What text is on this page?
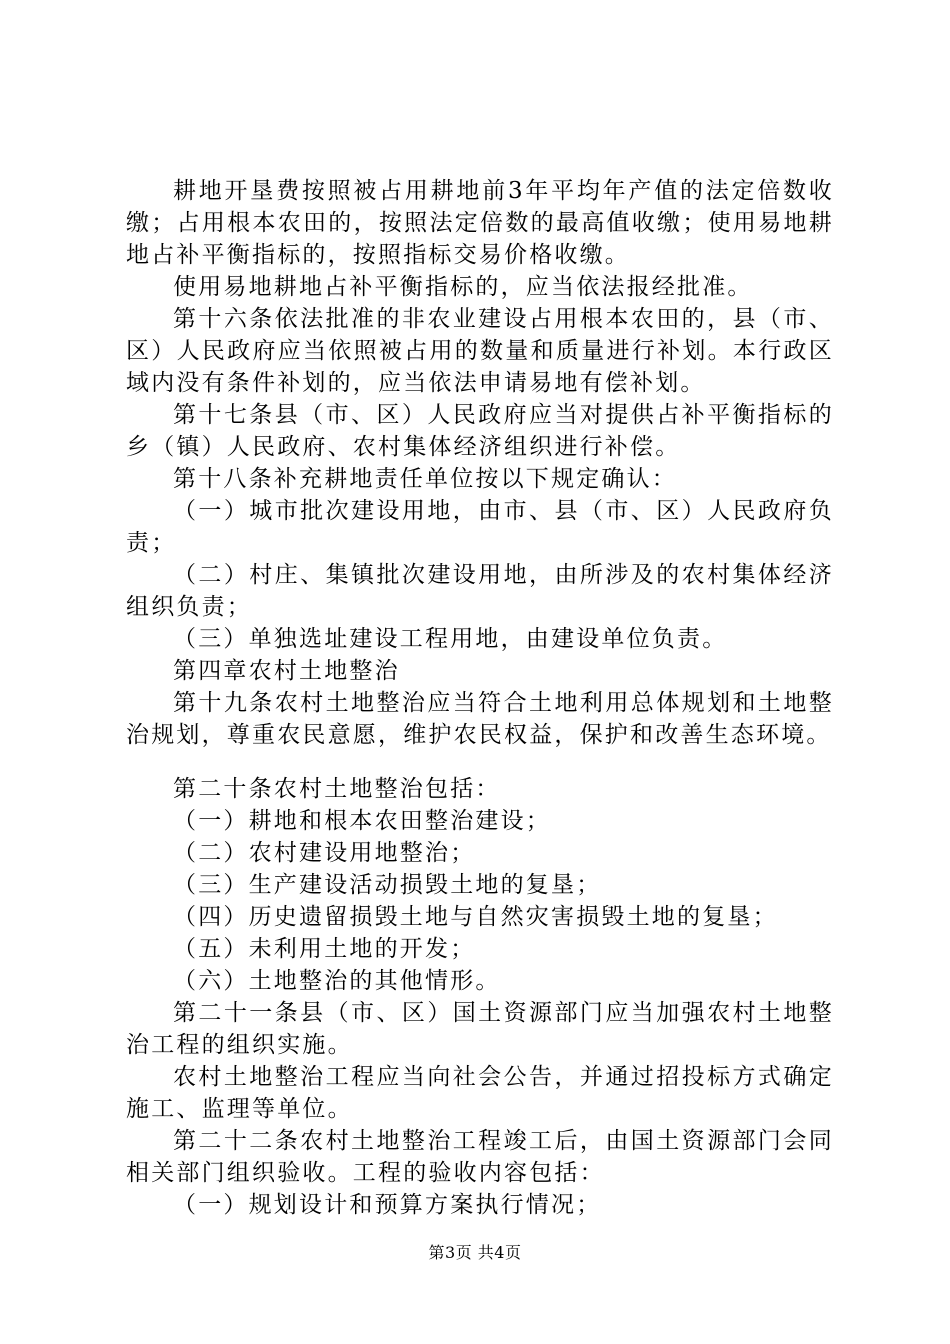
耕地开垦费按照被占用耕地前3年平均年产值的法定倍数收缴；占用根本农田的，按照法定倍数的最高值收缴；使用易地耕地占补平衡指标的，按照指标交易价格收缴。

使用易地耕地占补平衡指标的，应当依法报经批准。

第十六条依法批准的非农业建设占用根本农田的，县（市、区）人民政府应当依照被占用的数量和质量进行补划。本行政区域内没有条件补划的，应当依法申请易地有偿补划。

第十七条县（市、区）人民政府应当对提供占补平衡指标的乡（镇）人民政府、农村集体经济组织进行补偿。

第十八条补充耕地责任单位按以下规定确认：

（一）城市批次建设用地，由市、县（市、区）人民政府负责；

（二）村庄、集镇批次建设用地，由所涉及的农村集体经济组织负责；

（三）单独选址建设工程用地，由建设单位负责。

第四章农村土地整治

第十九条农村土地整治应当符合土地利用总体规划和土地整治规划，尊重农民意愿，维护农民权益，保护和改善生态环境。

第二十条农村土地整治包括：

（一）耕地和根本农田整治建设；

（二）农村建设用地整治；

（三）生产建设活动损毁土地的复垦；

（四）历史遗留损毁土地与自然灾害损毁土地的复垦；

（五）未利用土地的开发；

（六）土地整治的其他情形。

第二十一条县（市、区）国土资源部门应当加强农村土地整治工程的组织实施。

农村土地整治工程应当向社会公告，并通过招投标方式确定施工、监理等单位。

第二十二条农村土地整治工程竣工后，由国土资源部门会同相关部门组织验收。工程的验收内容包括：

（一）规划设计和预算方案执行情况；

第3页 共4页
